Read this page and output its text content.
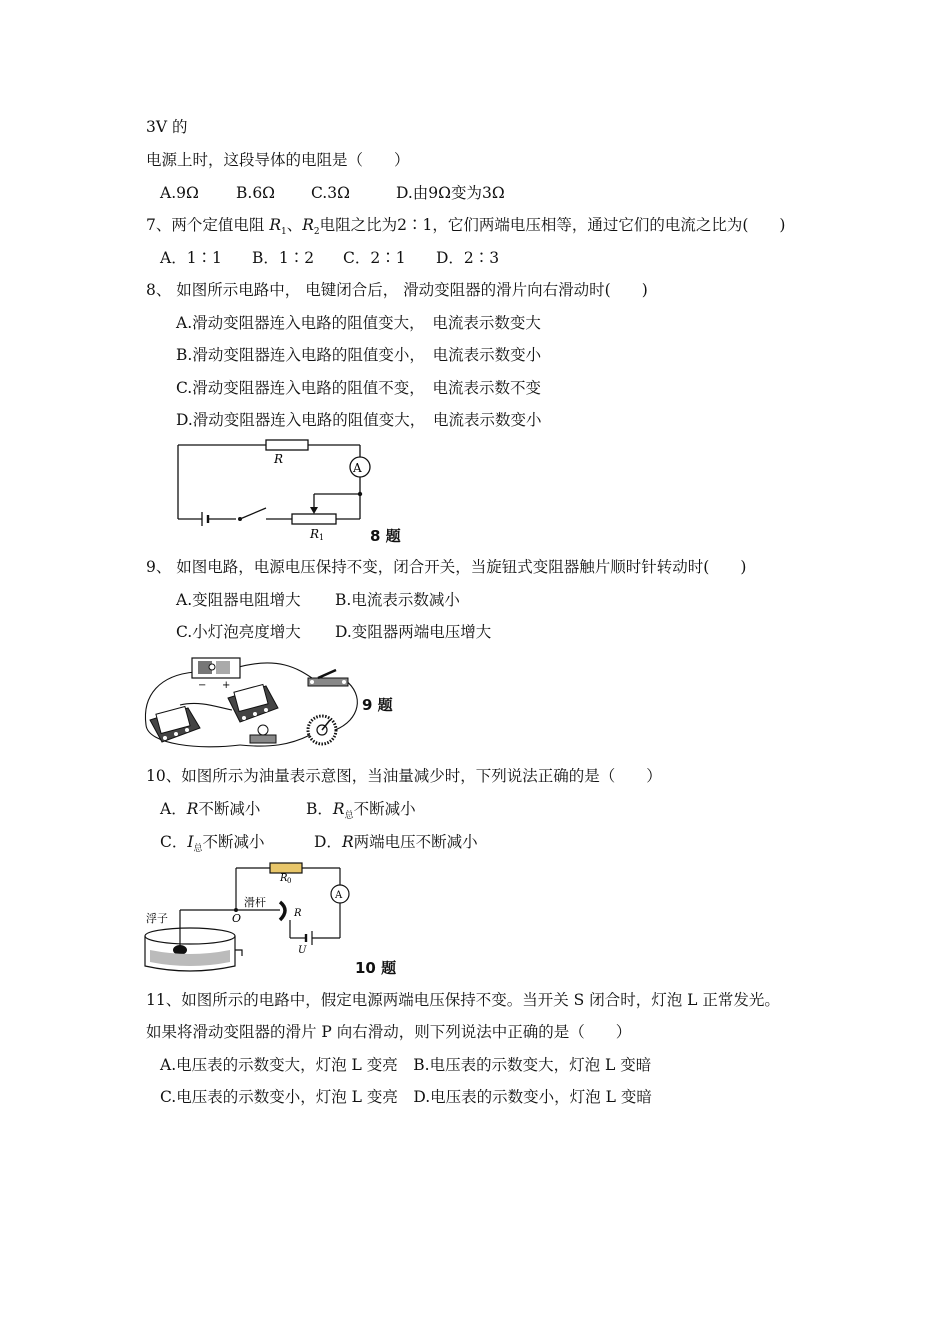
3V 的
电源上时，这段导体的电阻是（　　）
A.9Ω B.6Ω C.3Ω	D.由9Ω变为3Ω
7、两个定值电阻 $R_1$、$R_2$电阻之比为2∶1，它们两端电压相等，通过它们的电流之比为(　　)
A．1∶1 B．1∶2 C．2∶1 D．2∶3
8、 如图所示电路中， 电键闭合后， 滑动变阻器的滑片向右滑动时(　　)
A.滑动变阻器连入电路的阻值变大，　电流表示数变大
B.滑动变阻器连入电路的阻值变小，　电流表示数变小
C.滑动变阻器连入电路的阻值不变，　电流表示数不变
D.滑动变阻器连入电路的阻值变大，　电流表示数变小
R
A
R 1	8 题
9、 如图电路，电源电压保持不变，闭合开关，当旋钮式变阻器触片顺时针转动时(　　)
A.变阻器电阻增大 B.电流表示数减小
C.小灯泡亮度增大 D.变阻器两端电压增大
− +
9 题
10、如图所示为油量表示意图，当油量减少时，下列说法正确的是（　　）
A．R不断减小	B．$R_总$不断减小
C．$I_总$不断减小	D．R两端电压不断减小
R 0
A
浮子
滑杆
O	R
U
10 题
11、如图所示的电路中，假定电源两端电压保持不变。当开关 S 闭合时，灯泡 L 正常发光。
如果将滑动变阻器的滑片 P 向右滑动，则下列说法中正确的是（　　）
A.电压表的示数变大，灯泡 L 变亮　B.电压表的示数变大，灯泡 L 变暗
C.电压表的示数变小，灯泡 L 变亮　D.电压表的示数变小，灯泡 L 变暗
